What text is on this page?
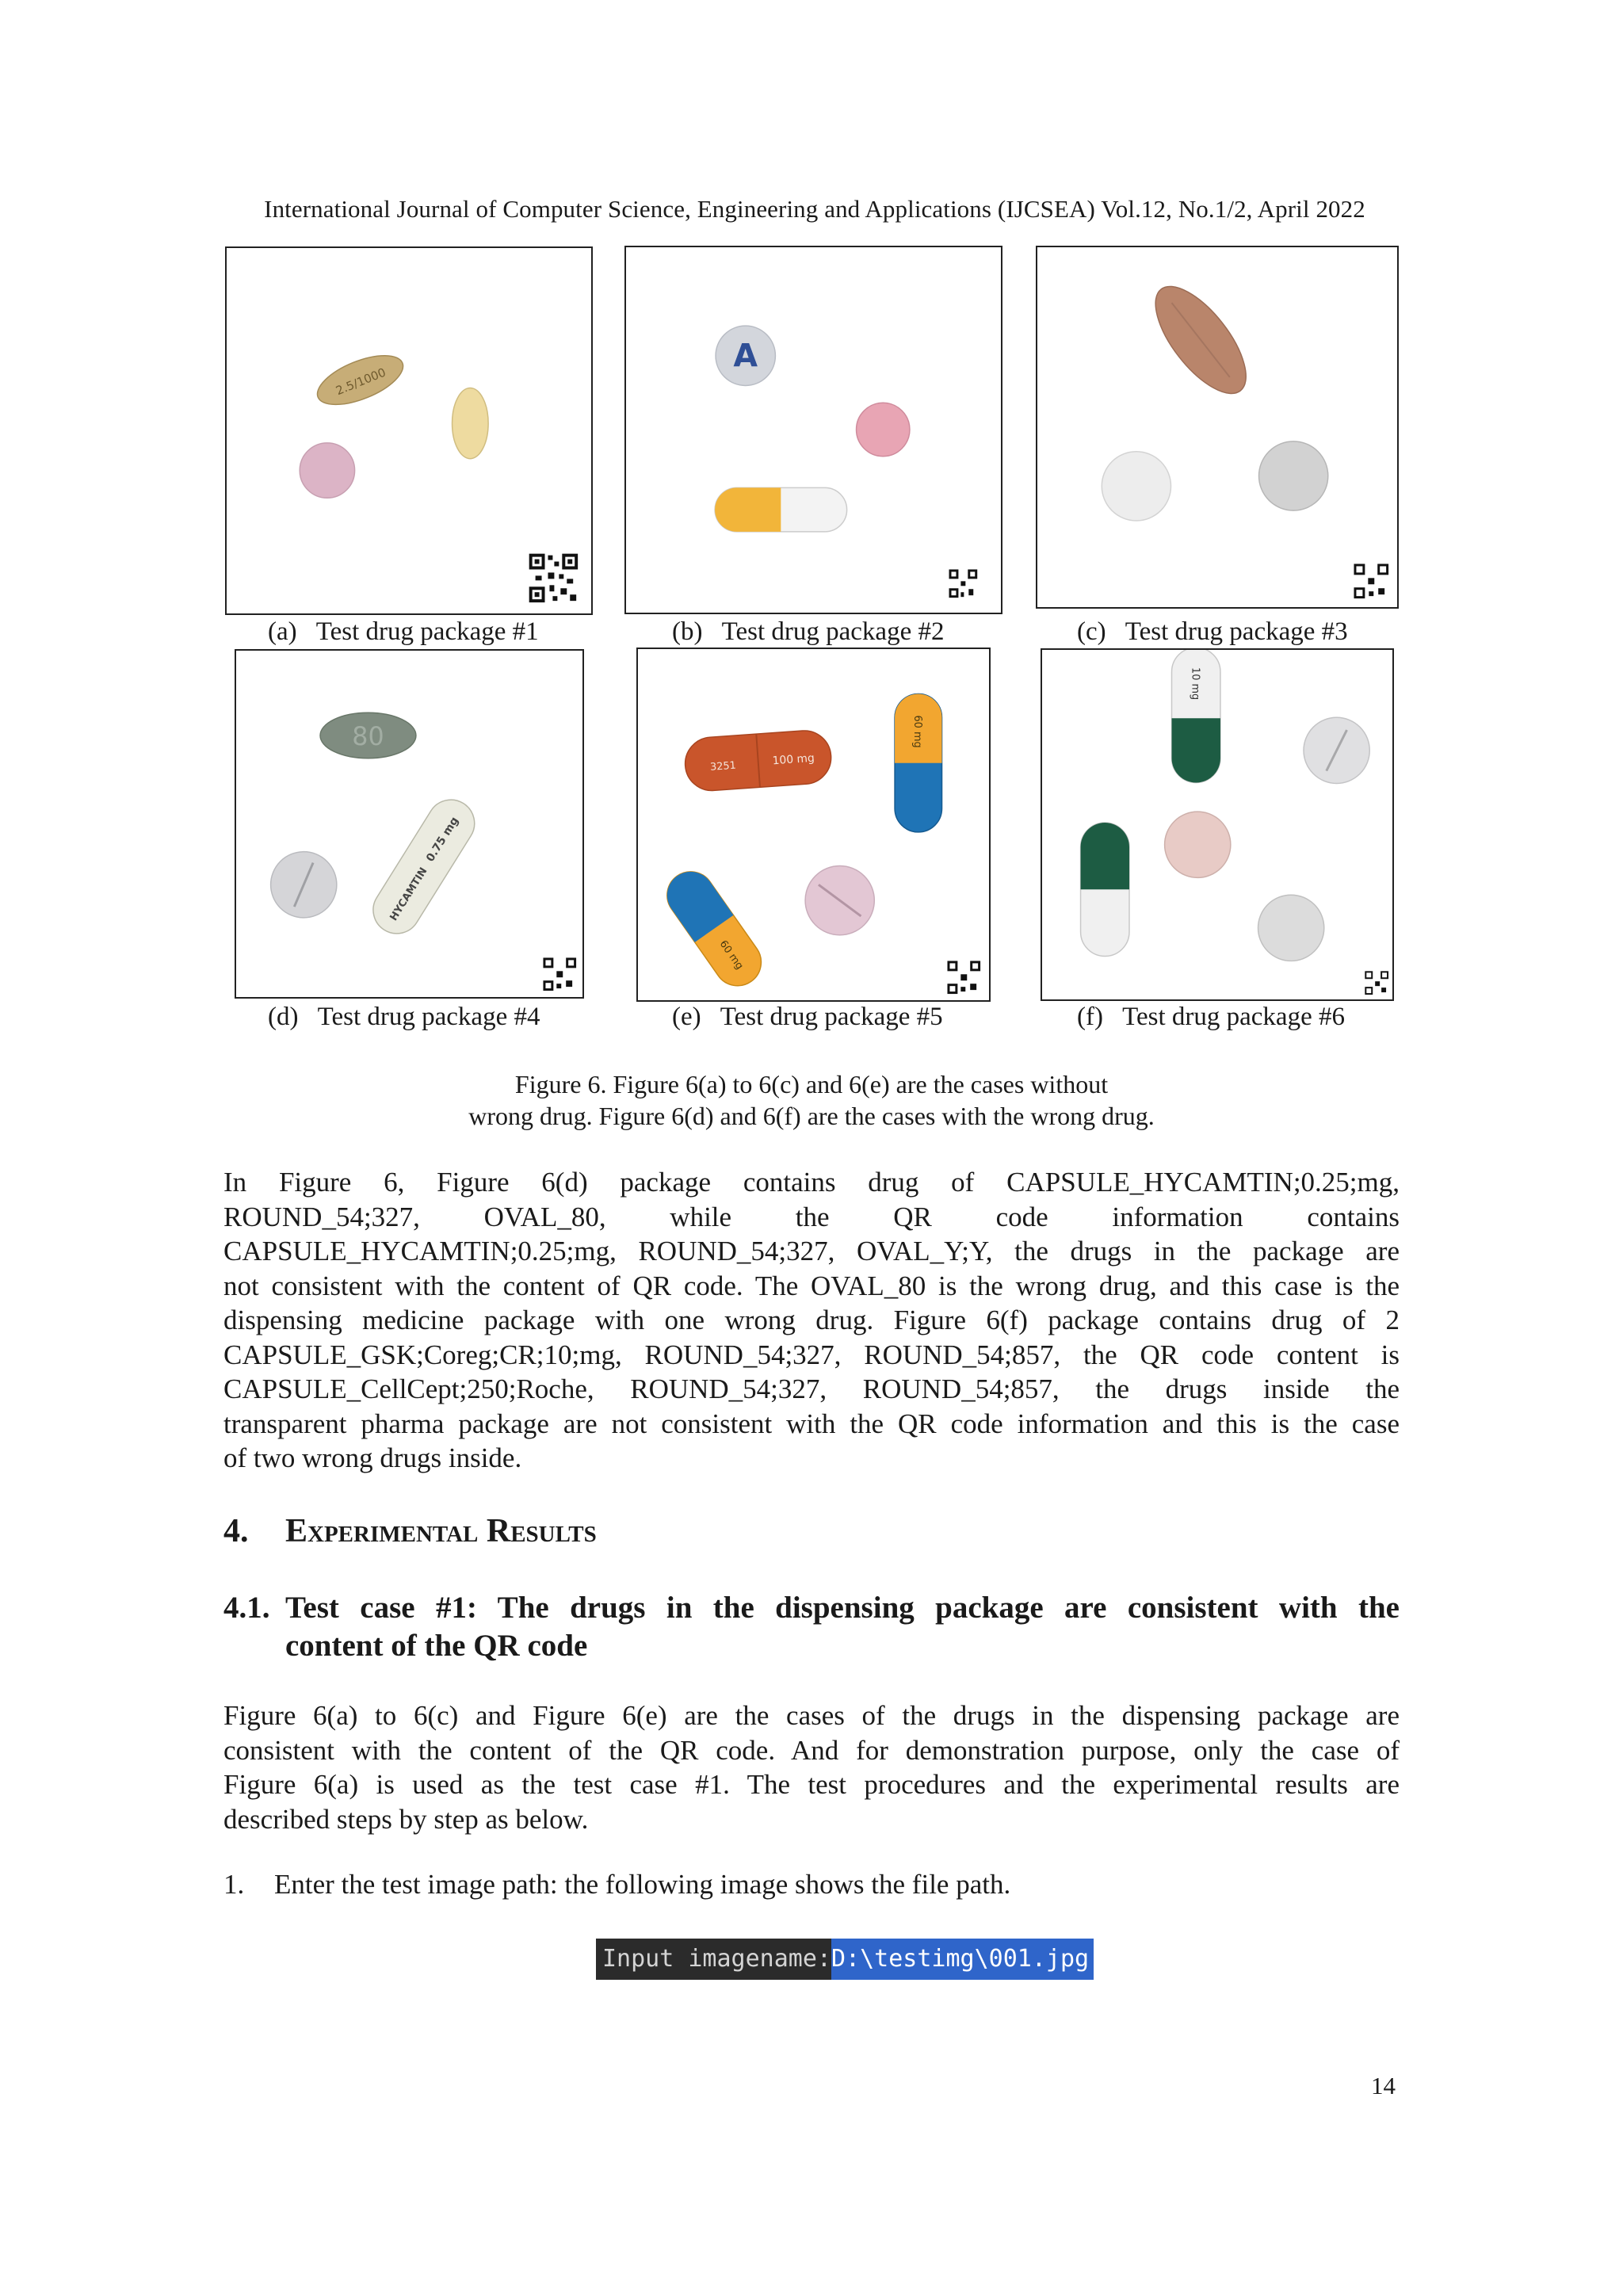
International Journal of Computer Science, Engineering and Applications (IJCSEA) Vol.12, No.1/2, April 2022
2.5/1000
(a) Test drug package #1
A
(b) Test drug package #2	(c) Test drug package #3
80
HYCAMTIN
0.75 mg
(d) Test drug package #4
3251	100 mg
60 mg
60 mg
(e) Test drug package #5
10 mg
(f) Test drug package #6
Figure 6. Figure 6(a) to 6(c) and 6(e) are the cases without
wrong drug. Figure 6(d) and 6(f) are the cases with the wrong drug.
In Figure 6, Figure 6(d) package contains drug of CAPSULE_HYCAMTIN;0.25;mg,
ROUND_54;327, OVAL_80, while the QR code information contains
CAPSULE_HYCAMTIN;0.25;mg, ROUND_54;327, OVAL_Y;Y, the drugs in the package are
not consistent with the content of QR code. The OVAL_80 is the wrong drug, and this case is the
dispensing medicine package with one wrong drug. Figure 6(f) package contains drug of 2
CAPSULE_GSK;Coreg;CR;10;mg, ROUND_54;327, ROUND_54;857, the QR code content is
CAPSULE_CellCept;250;Roche, ROUND_54;327, ROUND_54;857, the drugs inside the
transparent pharma package are not consistent with the QR code information and this is the case
of two wrong drugs inside.
4. Experimental Results
4.1. Test case #1: The drugs in the dispensing package are consistent with the
content of the QR code
Figure 6(a) to 6(c) and Figure 6(e) are the cases of the drugs in the dispensing package are
consistent with the content of the QR code. And for demonstration purpose, only the case of
Figure 6(a) is used as the test case #1. The test procedures and the experimental results are
described steps by step as below.
1. Enter the test image path: the following image shows the file path.
Input imagename: D:\testimg\001.jpg
14
